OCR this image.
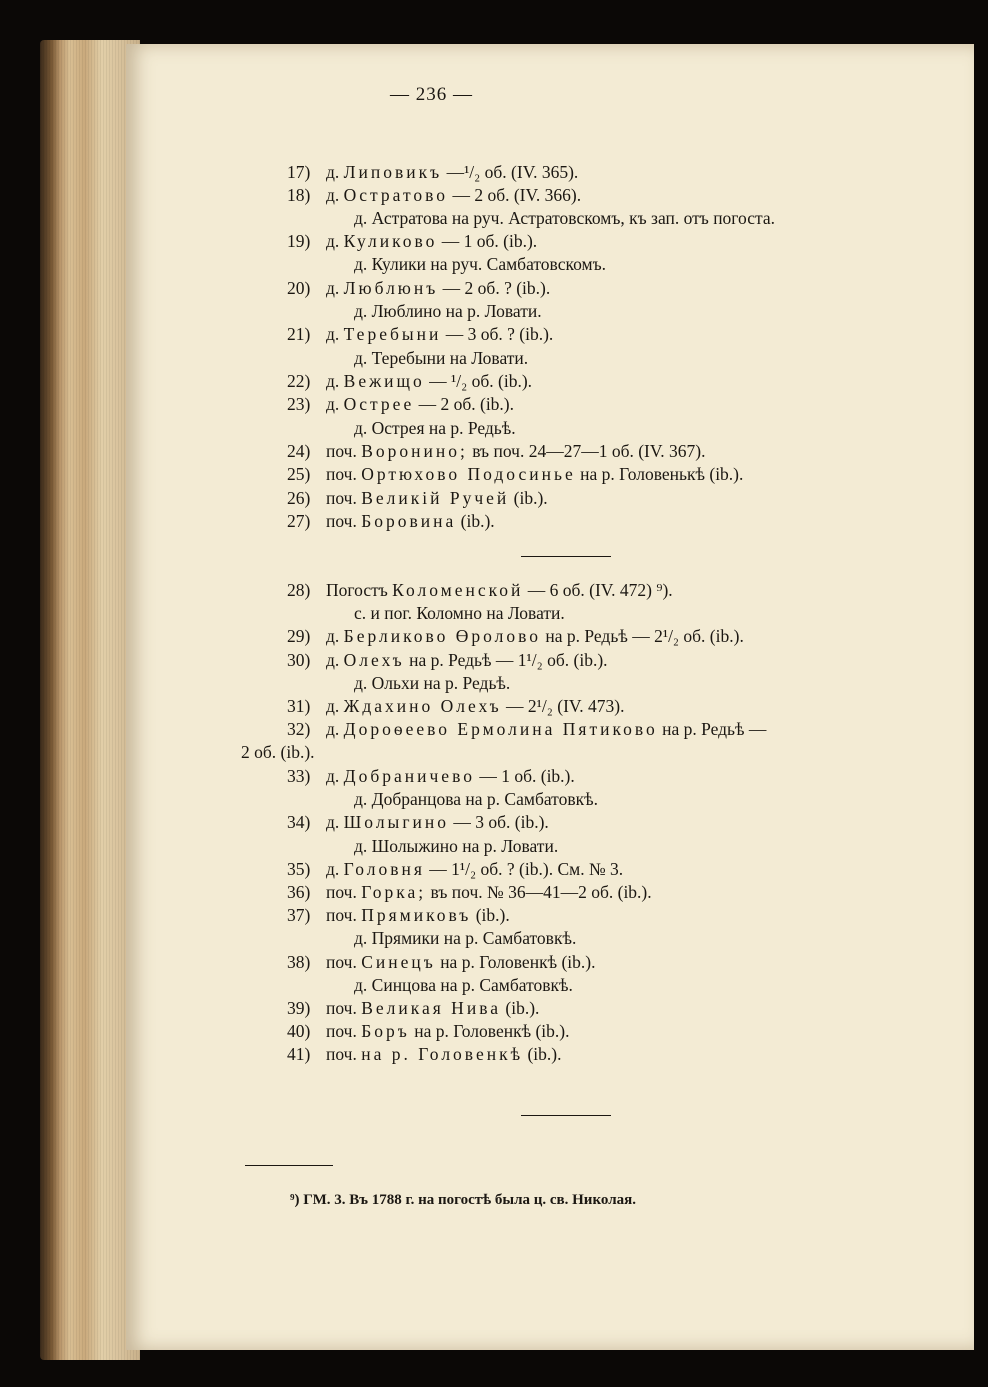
— 236 —
17) д. Липовикъ —¹/₂ об. (IV. 365).
18) д. Остратово — 2 об. (IV. 366).
д. Астратова на руч. Астратовскомъ, къ зап. отъ погоста.
19) д. Куликово — 1 об. (ib.).
д. Кулики на руч. Самбатовскомъ.
20) д. Люблюнъ — 2 об. ? (ib.).
д. Люблино на р. Ловати.
21) д. Теребыни — 3 об. ? (ib.).
д. Теребыни на Ловати.
22) д. Вежищо — ¹/₂ об. (ib.).
23) д. Острее — 2 об. (ib.).
д. Острея на р. Редьѣ.
24) поч. Воронино; въ поч. 24—27—1 об. (IV. 367).
25) поч. Ортюхово Подосинье на р. Головенькѣ (ib.).
26) поч. Великій Ручей (ib.).
27) поч. Боровина (ib.).
28) Погостъ Коломенской — 6 об. (IV. 472) ⁹).
с. и пог. Коломно на Ловати.
29) д. Берликово Өролово на р. Редьѣ — 2¹/₂ об. (ib.).
30) д. Олехъ на р. Редьѣ — 1¹/₂ об. (ib.).
д. Ольхи на р. Редьѣ.
31) д. Ждахино Олехъ — 2¹/₂ (IV. 473).
32) д. Дороѳеево Ермолина Пятиково на р. Редьѣ —
2 об. (ib.).
33) д. Добраничево — 1 об. (ib.).
д. Добранцова на р. Самбатовкѣ.
34) д. Шолыгино — 3 об. (ib.).
д. Шолыжино на р. Ловати.
35) д. Головня — 1¹/₂ об. ? (ib.). См. № 3.
36) поч. Горка; въ поч. № 36—41—2 об. (ib.).
37) поч. Прямиковъ (ib.).
д. Прямики на р. Самбатовкѣ.
38) поч. Синецъ на р. Головенкѣ (ib.).
д. Синцова на р. Самбатовкѣ.
39) поч. Великая Нива (ib.).
40) поч. Боръ на р. Головенкѣ (ib.).
41) поч. на р. Головенкѣ (ib.).
⁹) ГМ. 3. Въ 1788 г. на погостѣ была ц. св. Николая.
